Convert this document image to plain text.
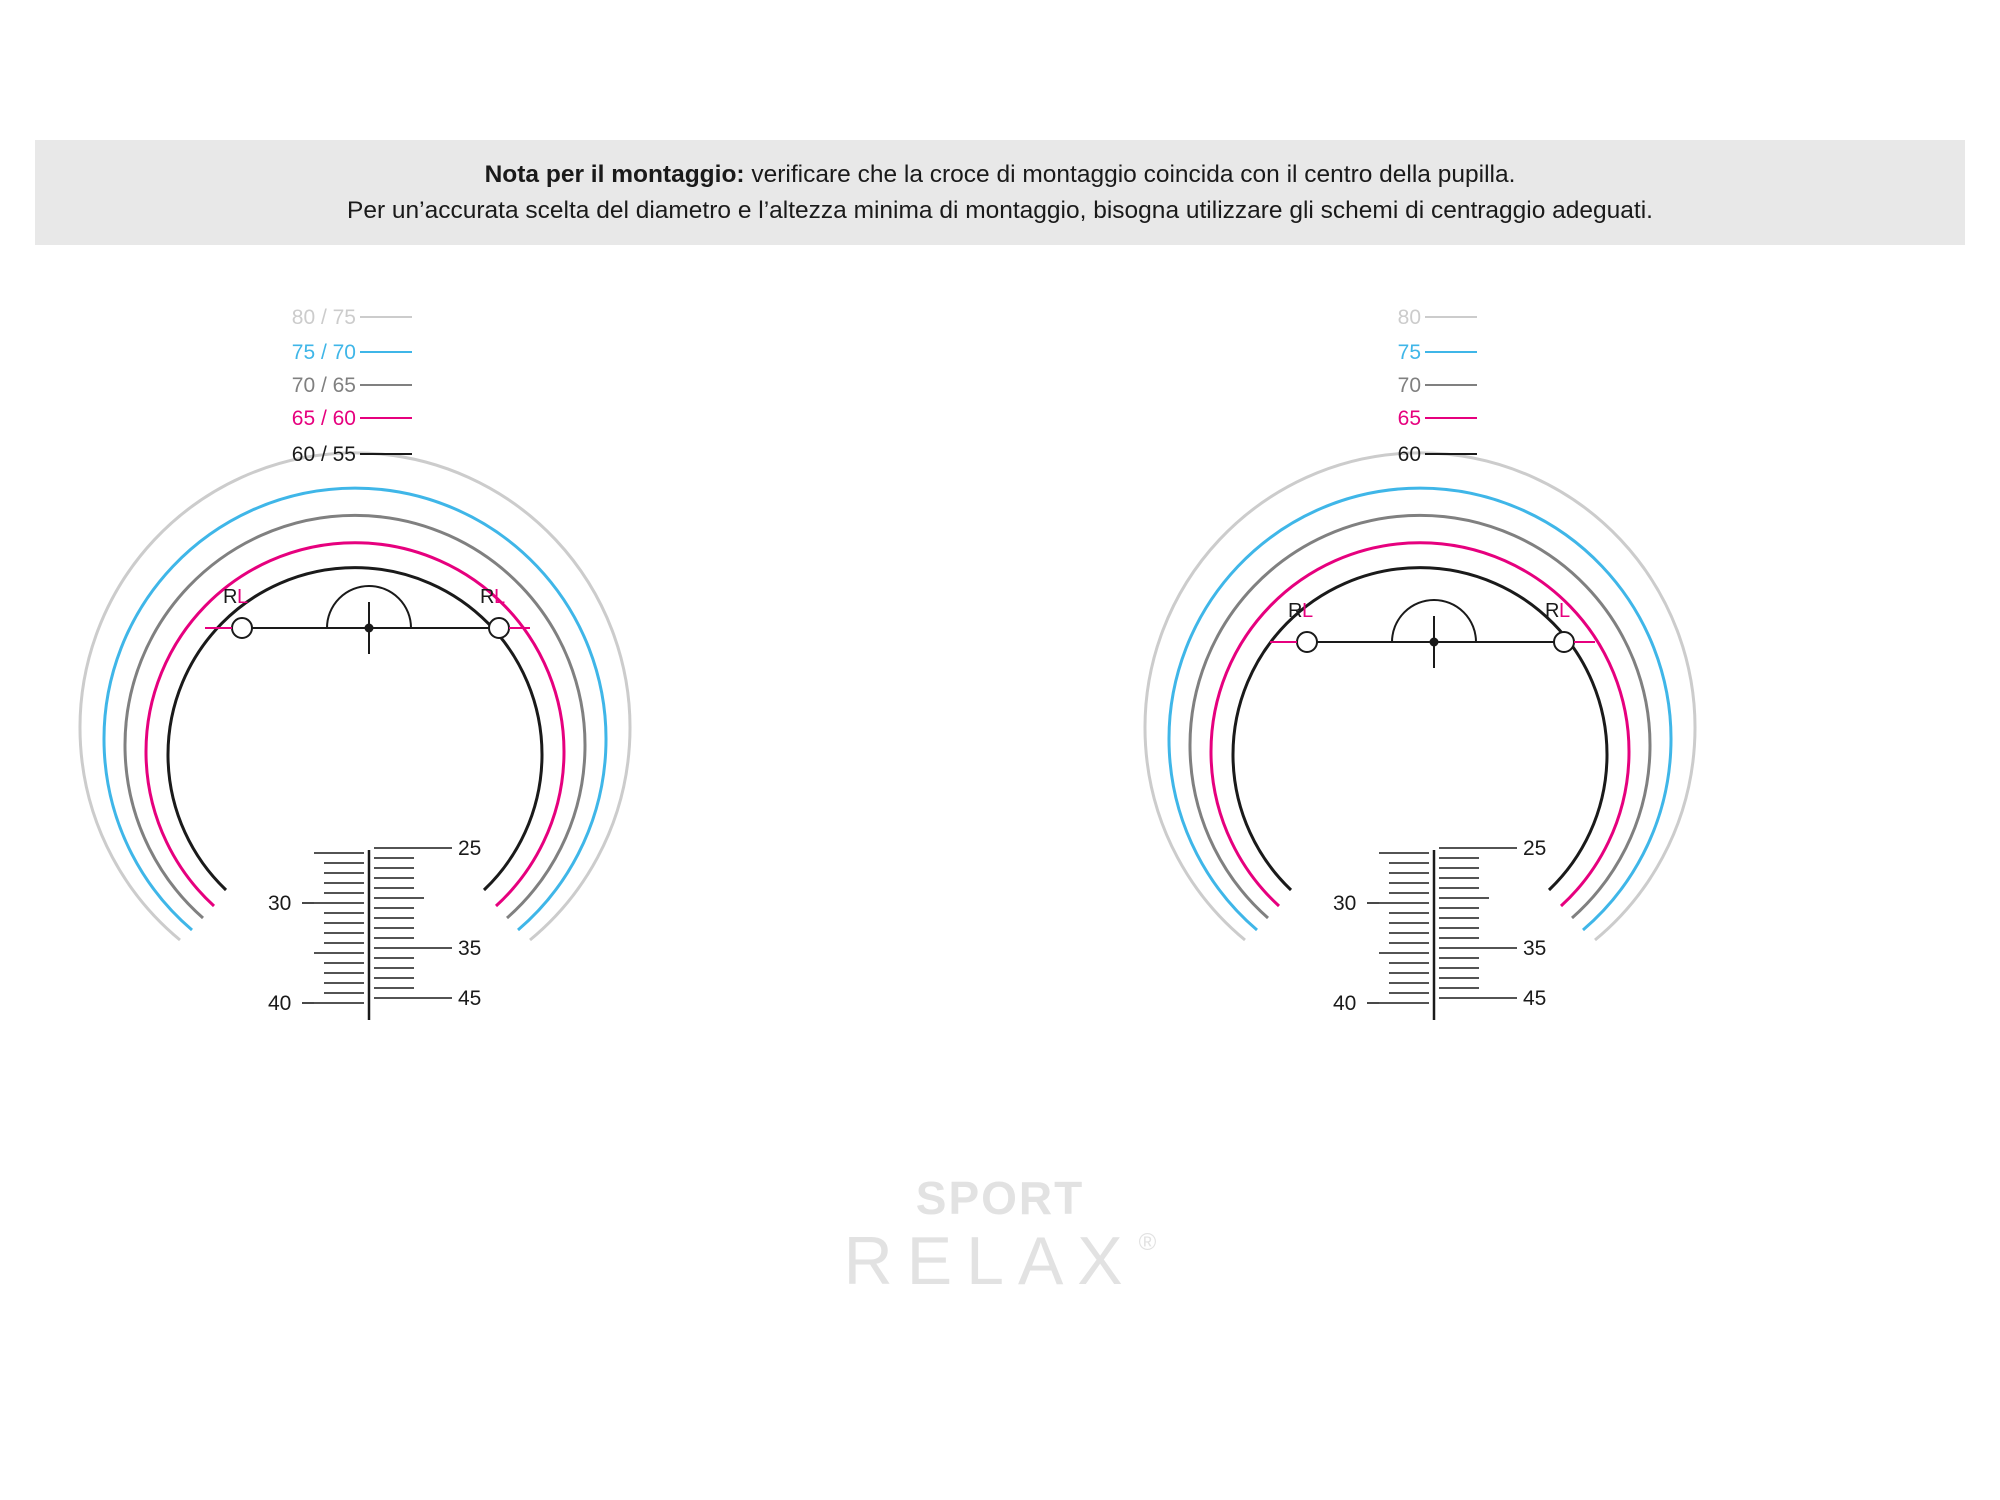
Nota per il montaggio: verificare che la croce di montaggio coincida con il centro della pupilla.
Per un’accurata scelta del diametro e l’altezza minima di montaggio, bisogna utilizzare gli schemi di centraggio adeguati.
80 / 75
75 / 70
70 / 65
65 / 60
60 / 55
R L	R L
25
30
35
40	45
80
75
70
65
60
R L	R L
25
30
35
40	45
SPORT
RELAX ®
